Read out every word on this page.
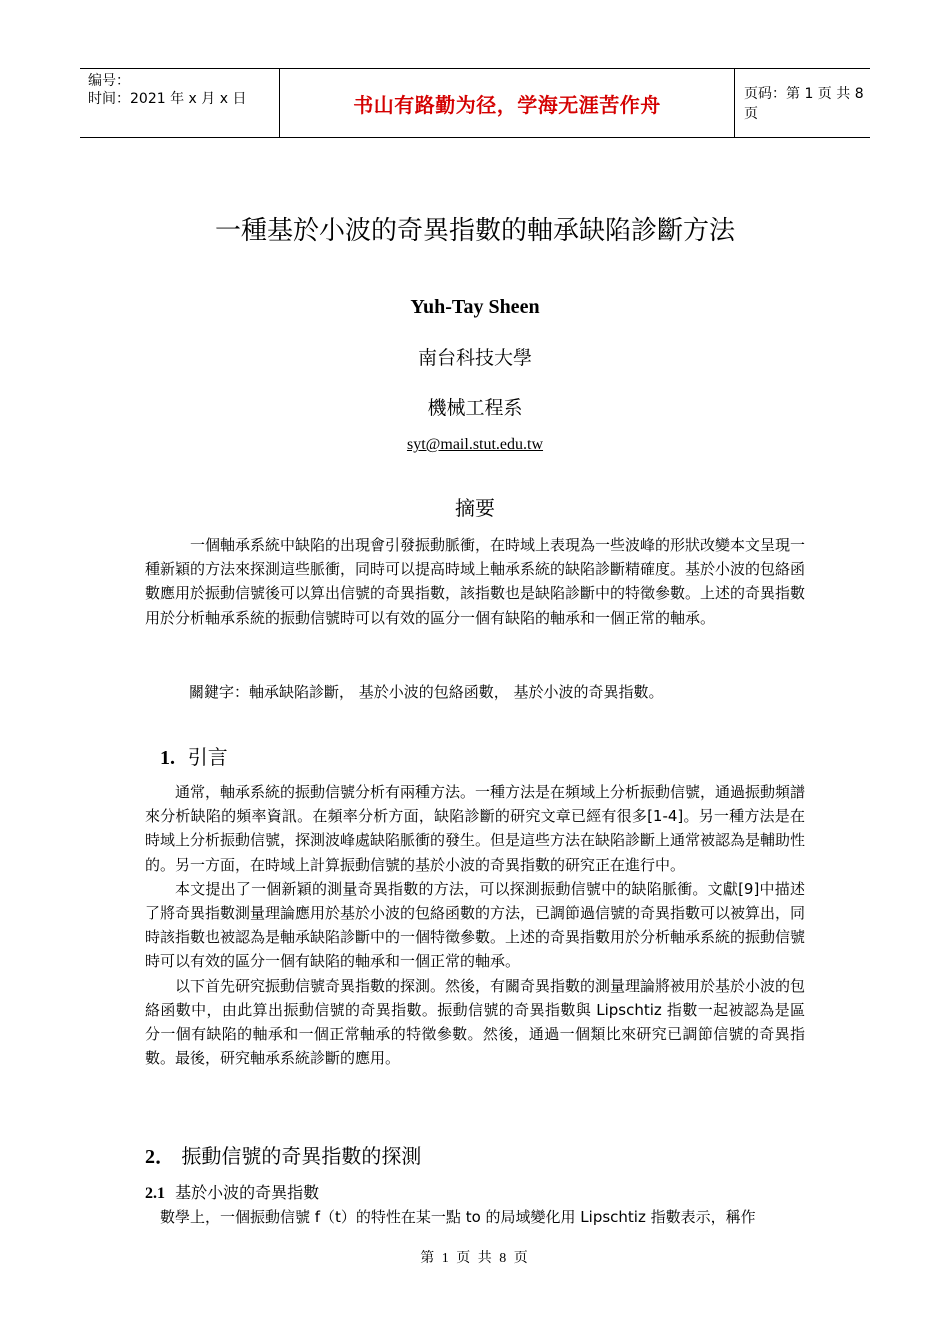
编号：
时间：2021 年 x 月 x 日	书山有路勤为径，学海无涯苦作舟	页码：第 1 页 共 8 页
一種基於小波的奇異指數的軸承缺陷診斷方法
Yuh-Tay Sheen
南台科技大學
機械工程系
syt@mail.stut.edu.tw
摘要

一個軸承系統中缺陷的出現會引發振動脈衝，在時域上表現為一些波峰的形狀改變本文呈現一種新穎的方法來探測這些脈衝，同時可以提高時域上軸承系統的缺陷診斷精確度。基於小波的包絡函數應用於振動信號後可以算出信號的奇異指數，該指數也是缺陷診斷中的特徵參數。上述的奇異指數用於分析軸承系統的振動信號時可以有效的區分一個有缺陷的軸承和一個正常的軸承。

關鍵字：軸承缺陷診斷， 基於小波的包絡函數， 基於小波的奇異指數。
1. 引言

通常，軸承系統的振動信號分析有兩種方法。一種方法是在頻域上分析振動信號，通過振動頻譜來分析缺陷的頻率資訊。在頻率分析方面，缺陷診斷的研究文章已經有很多[1-4]。另一種方法是在時域上分析振動信號，探測波峰處缺陷脈衝的發生。但是這些方法在缺陷診斷上通常被認為是輔助性的。另一方面，在時域上計算振動信號的基於小波的奇異指數的研究正在進行中。

本文提出了一個新穎的測量奇異指數的方法，可以探測振動信號中的缺陷脈衝。文獻[9]中描述了將奇異指數測量理論應用於基於小波的包絡函數的方法，已調節過信號的奇異指數可以被算出，同時該指數也被認為是軸承缺陷診斷中的一個特徵參數。上述的奇異指數用於分析軸承系統的振動信號時可以有效的區分一個有缺陷的軸承和一個正常的軸承。

以下首先研究振動信號奇異指數的探測。然後，有關奇異指數的測量理論將被用於基於小波的包絡函數中，由此算出振動信號的奇異指數。振動信號的奇異指數與 Lipschtiz 指數一起被認為是區分一個有缺陷的軸承和一個正常軸承的特徵參數。然後，通過一個類比來研究已調節信號的奇異指數。最後，研究軸承系統診斷的應用。

2． 振動信號的奇異指數的探測
2.1 基於小波的奇異指數
數學上，一個振動信號 f（t）的特性在某一點 to 的局域變化用 Lipschtiz 指數表示，稱作
第 1 页 共 8 页
